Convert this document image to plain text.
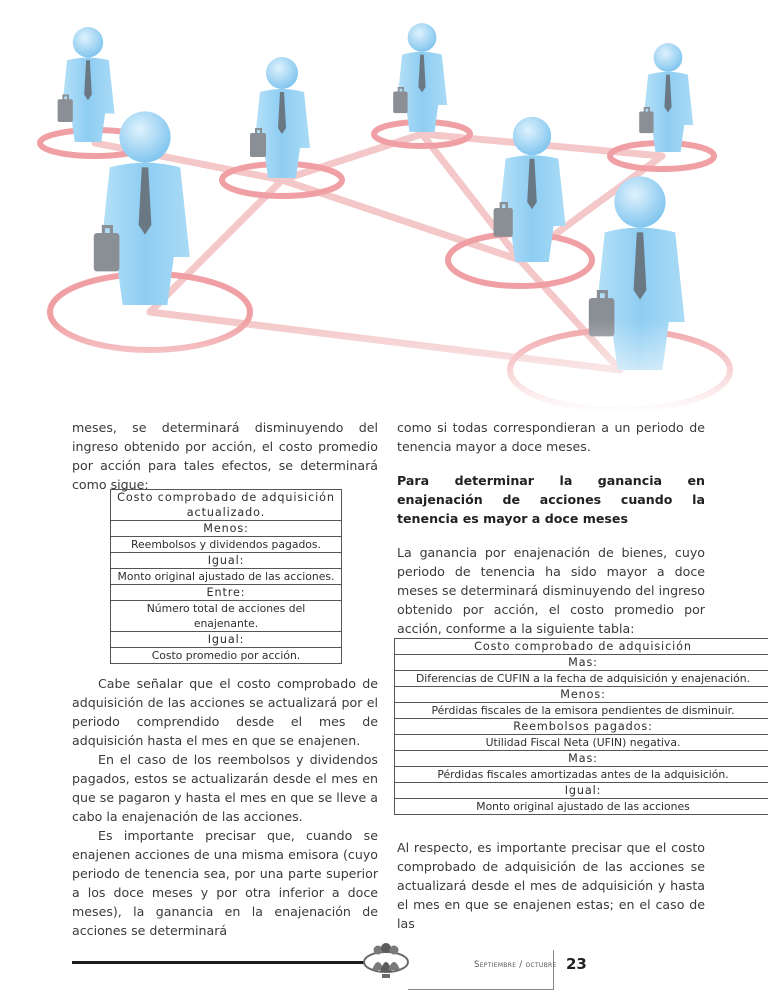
meses, se determinará disminuyendo del ingreso obtenido por acción, el costo promedio por acción para tales efectos, se determinará como sigue:

Costo comprobado de adquisición actualizado.
Menos:
Reembolsos y dividendos pagados.
Igual:
Monto original ajustado de las acciones.
Entre:
Número total de acciones del enajenante.
Igual:
Costo promedio por acción.

Cabe señalar que el costo comprobado de adquisición de las acciones se actualizará por el periodo comprendido desde el mes de adquisición hasta el mes en que se enajenen.

En el caso de los reembolsos y dividendos pagados, estos se actualizarán desde el mes en que se pagaron y hasta el mes en que se lleve a cabo la enajenación de las acciones.

Es importante precisar que, cuando se enajenen acciones de una misma emisora (cuyo periodo de tenencia sea, por una parte superior a los doce meses y por otra inferior a doce meses), la ganancia en la enajenación de acciones se determinará

como si todas correspondieran a un periodo de tenencia mayor a doce meses.

Para determinar la ganancia en enajenación de acciones cuando la tenencia es mayor a doce meses

La ganancia por enajenación de bienes, cuyo periodo de tenencia ha sido mayor a doce meses se determinará disminuyendo del ingreso obtenido por acción, el costo promedio por acción, conforme a la siguiente tabla:

Costo comprobado de adquisición
Mas:
Diferencias de CUFIN a la fecha de adquisición y enajenación.
Menos:
Pérdidas fiscales de la emisora pendientes de disminuir.
Reembolsos pagados:
Utilidad Fiscal Neta (UFIN) negativa.
Mas:
Pérdidas fiscales amortizadas antes de la adquisición.
Igual:
Monto original ajustado de las acciones

Al respecto, es importante precisar que el costo comprobado de adquisición de las acciones se actualizará desde el mes de adquisición y hasta el mes en que se enajenen estas; en el caso de las

Septiembre / octubre 23
